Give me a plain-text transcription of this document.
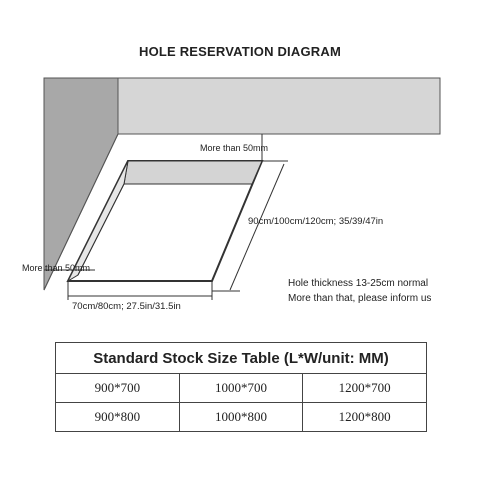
HOLE RESERVATION DIAGRAM
More than 50mm
More than 50mm
90cm/100cm/120cm; 35/39/47in
70cm/80cm; 27.5in/31.5in
Hole thickness 13-25cm normal
More than that, please inform us
Standard Stock Size Table (L*W/unit: MM)		
900*700	1000*700	1200*700
900*800	1000*800	1200*800
